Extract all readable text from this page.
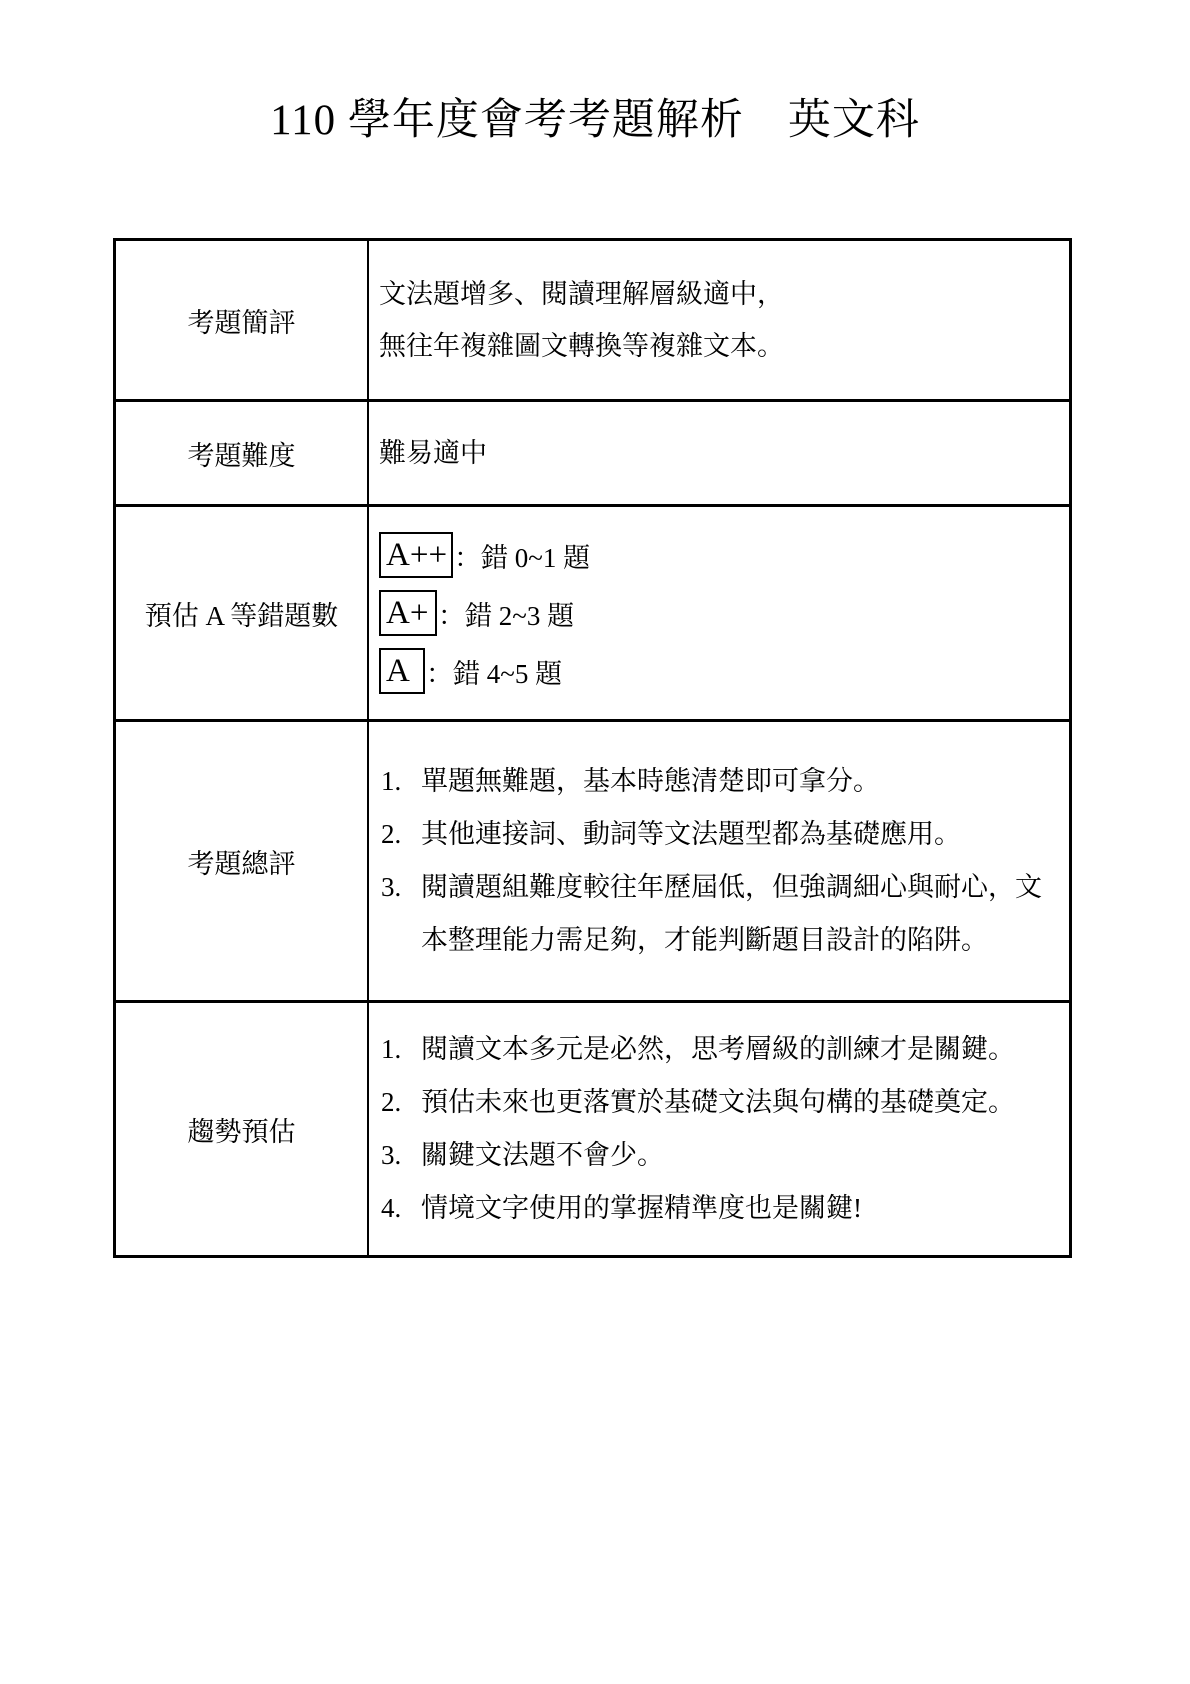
110 學年度會考考題解析　英文科
考題簡評

文法題增多、閱讀理解層級適中，

無往年複雜圖文轉換等複雜文本。

考題難度	難易適中

預估 A 等錯題數
A++ ：錯 0~1 題
A+ ：錯 2~3 題
A ：錯 4~5 題
考題總評
單題無難題，基本時態清楚即可拿分。
其他連接詞、動詞等文法題型都為基礎應用。
閱讀題組難度較往年歷屆低，但強調細心與耐心，文本整理能力需足夠，才能判斷題目設計的陷阱。
趨勢預估
閱讀文本多元是必然，思考層級的訓練才是關鍵。
預估未來也更落實於基礎文法與句構的基礎奠定。
關鍵文法題不會少。
情境文字使用的掌握精準度也是關鍵!
